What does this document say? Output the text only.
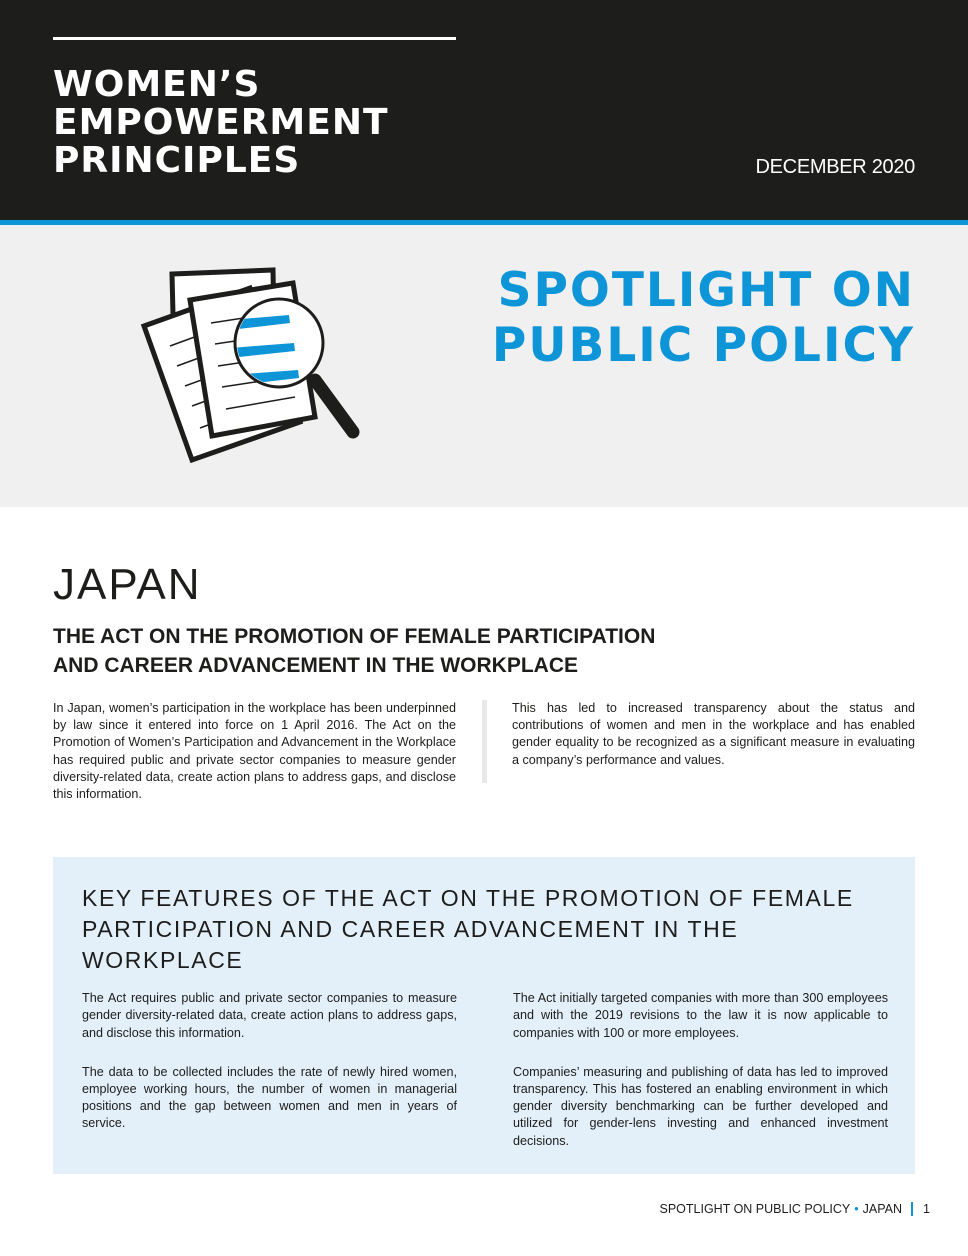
WOMEN’S
EMPOWERMENT
PRINCIPLES	DECEMBER 2020
SPOTLIGHT ON
PUBLIC POLICY
JAPAN
THE ACT ON THE PROMOTION OF FEMALE PARTICIPATION
AND CAREER ADVANCEMENT IN THE WORKPLACE

In Japan, women’s participation in the workplace has been underpinned by law since it entered into force on 1 April 2016. The Act on the Promotion of Women’s Participation and Advancement in the Workplace has required public and private sector companies to measure gender diversity-related data, create action plans to address gaps, and disclose this information.

This has led to increased transparency about the status and contributions of women and men in the workplace and has enabled gender equality to be recognized as a significant measure in evaluating a company’s performance and values.

KEY FEATURES OF THE ACT ON THE PROMOTION OF FEMALE
PARTICIPATION AND CAREER ADVANCEMENT IN THE WORKPLACE

The Act requires public and private sector companies to measure gender diversity-related data, create action plans to address gaps, and disclose this information.

The Act initially targeted companies with more than 300 employees and with the 2019 revisions to the law it is now applicable to companies with 100 or more employees.

The data to be collected includes the rate of newly hired women, employee working hours, the number of women in managerial positions and the gap between women and men in years of service.

Companies’ measuring and publishing of data has led to improved transparency. This has fostered an enabling environment in which gender diversity benchmarking can be further developed and utilized for gender-lens investing and enhanced investment decisions.

SPOTLIGHT ON PUBLIC POLICY • JAPAN 1
